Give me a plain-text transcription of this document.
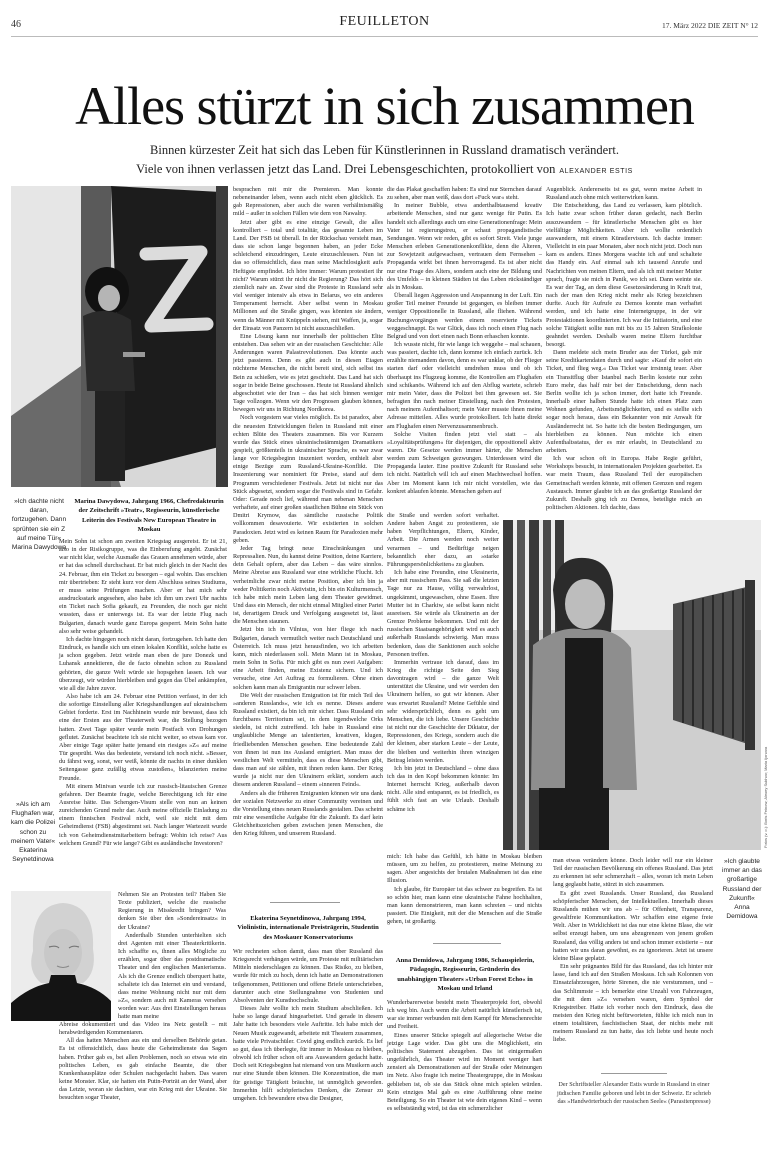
46	FEUILLETON	17. März 2022 DIE ZEIT N° 12
Alles stürzt in sich zusammen
Binnen kürzester Zeit hat sich das Leben für Künstlerinnen in Russland dramatisch verändert.
Viele von ihnen verlassen jetzt das Land. Drei Lebensgeschichten, protokolliert von ALEXANDER ESTIS
»Ich dachte nicht daran, fortzugehen. Dann sprühten sie ein Z auf meine Tür«
Marina Dawydowa
Marina Dawydowa, Jahrgang 1966, Chefredakteurin der Zeitschrift »Teatr«, Regisseurin, künstlerische Leiterin des Festivals New European Theatre in Moskau

Mein Sohn ist schon am zweiten Kriegstag ausgereist. Er ist 21, also in der Risikogruppe, was die Einberufung angeht. Zunächst war nicht klar, welche Ausmaße das Grauen annehmen würde, aber er hat das schnell durchschaut. Er bat mich gleich in der Nacht des 24. Februar, ihm ein Ticket zu besorgen – egal wohin. Das erschien mir übertrieben: Er steht kurz vor dem Abschluss seines Studiums, er muss seine Prüfungen machen. Aber er hat mich sehr ausdrucksstark angesehen, also habe ich ihm um zwei Uhr nachts ein Ticket nach Sofia gekauft, zu Freunden, die noch gar nicht wussten, dass er unterwegs ist. Es war der letzte Flug nach Bulgarien, danach wurde ganz Europa gesperrt. Mein Sohn hatte also sehr weise gehandelt.

Ich dachte hingegen noch nicht daran, fortzugehen. Ich hatte den Eindruck, es handle sich um einen lokalen Konflikt, solche hatte es ja schon gegeben. Jetzt würde man eben de jure Donezk und Luhansk annektieren, die de facto ohnehin schon zu Russland gehörten, die ganze Welt würde sie hopsgehen lassen. Ich war überzeugt, wir würden hierbleiben und gegen das Übel ankämpfen, wie all die Jahre zuvor.

Also habe ich am 24. Februar eine Petition verfasst, in der ich die sofortige Einstellung aller Kriegshandlungen auf ukrainischem Gebiet forderte. Erst im Nachhinein wurde mir bewusst, dass ich eine der Ersten aus der Theaterwelt war, die Stellung bezogen hatten. Zwei Tage später wurde mein Postfach von Drohungen geflutet. Zunächst beachtete ich sie nicht weiter, so etwas kam vor. Aber einige Tage später hatte jemand ein riesiges »Z« auf meine Tür gesprüht. Was das bedeutete, verstand ich noch nicht. »Besser, du fährst weg, sonst, wer weiß, könnte dir nachts in einer dunklen Seitengasse ganz zufällig etwas zustoßen«, bilanzierten meine Freunde.

Mit einem Minivan wurde ich zur russisch-litauischen Grenze gefahren. Der Beamte fragte, welche Berechtigung ich für eine Ausreise hätte. Das Schengen-Visum stelle von nun an keinen zureichenden Grund mehr dar. Auch meine offizielle Einladung zu einem finnischen Festival nicht, weil sie nicht mit dem Geheimdienst (FSB) abgestimmt sei. Nach langer Wartezeit wurde ich von Geheimdienstmitarbeitern befragt: Wohin ich reise? Aus welchem Grund? Für wie lange? Gibt es ausländische Investoren?

»Als ich am Flughafen war, kam die Polizei schon zu meinem Vater«
Ekaterina Seynetdinowa

Nehmen Sie an Protesten teil? Haben Sie Texte publiziert, welche die russische Regierung in Misskredit bringen? Was denken Sie über den »Sondereinsatz« in der Ukraine?

Anderthalb Stunden unterhielten sich drei Agenten mit einer Theaterkritikerin. Ich schaffte es, ihnen alles Mögliche zu erzählen, sogar über das postdramatische Theater und den englischen Manierismus. Als ich die Grenze endlich überquert hatte, schaltete ich das Internet ein und verstand, dass meine Wohnung nicht nur mit dem »Z«, sondern auch mit Kameras versehen worden war: Aus drei Einstellungen heraus hatte man meine

Abreise dokumentiert und das Video ins Netz gestellt – mit herabwürdigenden Kommentaren.

All das hatten Menschen aus ein und derselben Behörde getan. Es ist offensichtlich, dass heute die Geheimdienste das Sagen haben. Früher gab es, bei allen Problemen, noch so etwas wie ein politisches Leben, es gab einfache Beamte, die über Krankenhausplätze oder Schulen nachgedacht haben. Das waren keine Monster. Klar, sie hatten ein Putin-Porträt an der Wand, aber das Letzte, woran sie dachten, war ein Krieg mit der Ukraine. Sie besuchten sogar Theater,

besprachen mit mir die Premieren. Man konnte nebeneinander leben, wenn auch nicht eben glücklich. Es gab Repressionen, aber auch die waren verhältnismäßig mild – außer in solchen Fällen wie dem von Nawalny.

Jetzt aber gibt es eine einzige Gewalt, die alles kontrolliert – total und totalitär, das gesamte Leben im Land. Der FSB ist überall. In der Rückschau versteht man, dass sie schon lange begonnen haben, an jeder Ecke schleichend einzudringen, Leute einzuschleusen. Nun ist das so offensichtlich, dass man seine Machtlosigkeit aufs Heftigste empfindet. Ich höre immer: Warum protestiert ihr nicht? Warum stürzt ihr nicht die Regierung? Das hört sich ziemlich naiv an. Zwar sind die Proteste in Russland sehr viel weniger intensiv als etwa in Belarus, wo ein anderes Temperament herrscht. Aber selbst wenn in Moskau Millionen auf die Straße gingen, was könnten sie ändern, wenn da Männer mit Knüppeln stehen, mit Waffen, ja, sogar der Einsatz von Panzern ist nicht auszuschließen.

Eine Lösung kann nur innerhalb der politischen Elite entstehen. Das sehen wir an der russischen Geschichte: Alle Änderungen waren Palastrevolutionen. Das könnte auch jetzt passieren. Denn es gibt auch in diesen Etagen nüchterne Menschen, die nicht bereit sind, sich selbst ins Bein zu schießen, wie es jetzt geschieht. Das Land hat sich sogar in beide Beine geschossen. Heute ist Russland ähnlich abgeschottet wie der Iran – das hat sich binnen weniger Tage vollzogen. Wenn wir den Prognosen glauben können, bewegen wir uns in Richtung Nordkorea.

Noch vorgestern war vieles möglich. Es ist paradox, aber die neuesten Entwicklungen fielen in Russland mit einer echten Blüte des Theaters zusammen. Bis vor Kurzem wurde das Stück eines ukrainischstämmigen Dramatikers gespielt, größtenteils in ukrainischer Sprache, es war zwar lange vor Kriegsbeginn inszeniert worden, enthielt aber einige Bezüge zum Russland-Ukraine-Konflikt. Die Inszenierung war nominiert für Preise, stand auf dem Programm verschiedener Festivals. Jetzt ist nicht nur das Stück abgesetzt, sondern sogar die Festivals sind in Gefahr. Oder: Gerade noch lief, während man nebenan Menschen verhaftete, auf einer großen staatlichen Bühne ein Stück von Dmitri Krymow, das sämtliche russische Politik vollkommen desavouierte. Wir existierten in solchen Paradoxien. Jetzt wird es keinen Raum für Paradoxien mehr geben.

Jeder Tag bringt neue Einschränkungen und Repressalien. Nun, du kannst deine Position, deine Karriere, dein Gehalt opfern, aber das Leben – das wäre sinnlos. Meine Abreise aus Russland war eine wirkliche Flucht. Ich verheimliche zwar nicht meine Position, aber ich bin ja weder Politikerin noch Aktivistin, ich bin ein Kulturmensch, ich habe mich mein Leben lang dem Theater gewidmet. Und dass ein Mensch, der nicht einmal Mitglied einer Partei ist, derartigem Druck und Verfolgung ausgesetzt ist, lässt die Menschen staunen.

Jetzt bin ich in Vilnius, von hier fliege ich nach Bulgarien, danach vermutlich weiter nach Deutschland und Österreich. Ich muss jetzt herausfinden, wo ich arbeiten kann, mich niederlassen soll. Mein Mann ist in Moskau, mein Sohn in Sofia. Für mich gibt es nun zwei Aufgaben: eine Arbeit finden, meine Existenz sichern. Und ich versuche, eine Art Auftrag zu formulieren. Ohne einen solchen kann man als Emigrantin nur schwer leben.

Die Welt der russischen Emigration ist für mich Teil des »anderen Russlands«, wie ich es nenne. Dieses andere Russland existiert, da bin ich mir sicher. Dass Russland ein furchtbares Territorium sei, in dem irgendwelche Orks siedeln, ist nicht zutreffend. Ich habe in Russland eine unglaubliche Menge an talentierten, kreativen, klugen, friedliebenden Menschen gesehen. Eine bedeutende Zahl von ihnen ist nun ins Ausland emigriert. Man muss der westlichen Welt vermitteln, dass es diese Menschen gibt, dass man auf sie zählen, mit ihnen reden kann. Der Krieg wurde ja nicht nur den Ukrainern erklärt, sondern auch diesem anderen Russland – einem »inneren Feind«.

Anders als die früheren Emigranten können wir uns dank der sozialen Netzwerke zu einer Community vereinen und die Vorstellung eines neuen Russlands gestalten. Das scheint mir eine wesentliche Aufgabe für die Zukunft. Es darf kein Gleichheitszeichen geben zwischen jenen Menschen, die den Krieg führen, und unserem Russland.

Ekaterina Seynetdinowa, Jahrgang 1994, Violinistin, internationale Preisträgerin, Studentin des Moskauer Konservatoriums

Wir rechneten schon damit, dass man über Russland das Kriegsrecht verhängen würde, um Proteste mit militärischen Mitteln niederschlagen zu können. Das Risiko, zu bleiben, wurde für mich zu hoch, denn ich hatte an Demonstrationen teilgenommen, Petitionen und offene Briefe unterschrieben, darunter auch eine Stellungnahme von Studenten und Absolventen der Kunsthochschule.

Dieses Jahr wollte ich mein Studium abschließen. Ich habe so lange darauf hingearbeitet. Und gerade in diesem Jahr hatte ich besonders viele Auftritte. Ich habe mich der Neuen Musik zugewandt, arbeitete mit Theatern zusammen, hatte viele Privatschüler. Covid ging endlich zurück. Es lief so gut, dass ich überlegte, für immer in Moskau zu bleiben, obwohl ich früher schon oft ans Auswandern gedacht hatte. Doch seit Kriegsbeginn hat niemand von uns Musikern auch nur eine Stunde üben können. Die Konzentration, die man für geistige Tätigkeit bräuchte, ist unmöglich geworden. Immerhin hilft schöpferisches Denken, die Zensur zu umgehen. Ich bewundere etwa die Designer,

die das Plakat geschaffen haben: Es sind nur Sternchen darauf zu sehen, aber man weiß, dass dort »Fuck war« steht.

In meiner Bubble, etwa anderthalbtausend kreativ arbeitende Menschen, sind nur ganz wenige für Putin. Es handelt sich allerdings auch um eine Generationenfrage: Mein Vater ist regierungstreu, er schaut propagandistische Sendungen. Wenn wir reden, gibt es sofort Streit. Viele junge Menschen erleben Generationenkonflikte, denn die Älteren, zur Sowjetzeit aufgewachsen, vertrauen dem Fernsehen – Propaganda wirkt bei ihnen hervorragend. Es ist aber nicht nur eine Frage des Alters, sondern auch eine der Bildung und des Umfelds – in kleinen Städten ist das Leben rückständiger als in Moskau.

Überall liegen Aggression und Anspannung in der Luft. Ein großer Teil meiner Freunde ist gegangen, es bleiben immer weniger Oppositionelle in Russland, alle fliehen. Während Buchungsvorgängen werden einem reservierte Tickets weggeschnappt. Es war Glück, dass ich noch einen Flug nach Belgrad und von dort einen nach Bonn erhaschen konnte.

Ich wusste nicht, für wie lange ich weggehe – mal schauen, was passiert, dachte ich, dann komme ich einfach zurück. Ich erzählte niemandem davon, denn es war unklar, ob der Flieger starten darf oder vielleicht umdrehen muss und ob ich überhaupt ins Flugzeug komme, die Kontrollen am Flughafen sind schikanös. Während ich auf den Abflug wartete, schrieb mir mein Vater, dass die Polizei bei ihm gewesen sei. Sie befragten ihn nach meiner Einstellung, nach den Protesten, nach meinem Aufenthaltsort; mein Vater musste ihnen meine Adresse mitteilen. Alles wurde protokolliert. Ich hatte direkt am Flughafen einen Nervenzusammenbruch.

Solche Visiten finden jetzt viel statt – als »Loyalitätsprüfungen« für diejenigen, die oppositionell aktiv waren. Die Gesetze werden immer härter, die Menschen werden zum Schweigen gezwungen. Unterdessen wird die Propaganda lauter. Eine positive Zukunft für Russland sehe ich nicht. Natürlich will ich auf einen Machtwechsel hoffen. Aber im Moment kann ich mir nicht vorstellen, wie das konkret ablaufen könnte. Menschen gehen auf

die Straße und werden sofort verhaftet. Andere haben Angst zu protestieren, sie haben Verpflichtungen, Eltern, Kinder, Arbeit. Die Armen werden noch weiter verarmen – und Bedürftige neigen bekanntlich eher dazu, an »starke Führungspersönlichkeiten« zu glauben.

Ich habe eine Freundin, eine Ukrainerin, aber mit russischem Pass. Sie saß die letzten Tage nur zu Hause, völlig verwahrlost, ungekämmt, ungewaschen, ohne Essen. Ihre Mutter ist in Charkiw, sie selbst kann nicht ausreisen. Sie würde als Ukrainerin an der Grenze Probleme bekommen. Und mit der russischen Staatsangehörigkeit wird es auch außerhalb Russlands schwierig. Man muss bedenken, dass die Sanktionen auch solche Personen treffen.

Immerhin vertraue ich darauf, dass im Krieg die richtige Seite den Sieg davontragen wird – die ganze Welt unterstützt die Ukraine, und wir werden den Ukrainern helfen, so gut wir können. Aber was erwartet Russland? Meine Gefühle sind sehr widersprüchlich, denn es geht um Menschen, die ich liebe. Unsere Geschichte ist nicht nur die Geschichte der Diktatur, der Repressionen, des Kriegs, sondern auch die der kleinen, aber starken Leute – der Leute, die bleiben und weiterhin ihren winzigen Beitrag leisten werden.

Ich bin jetzt in Deutschland – ohne dass ich das in den Kopf bekommen könnte: Im Internet herrscht Krieg, außerhalb davon nicht. Alle sind entspannt, es ist friedlich, es fühlt sich fast an wie Urlaub. Deshalb schäme ich

mich: Ich habe das Gefühl, ich hätte in Moskau bleiben müssen, um zu helfen, zu protestieren, meine Meinung zu sagen. Aber angesichts der brutalen Maßnahmen ist das eine Illusion.

Ich glaube, für Europäer ist das schwer zu begreifen. Es ist so schön hier, man kann eine ukrainische Fahne hochhalten, man kann demonstrieren, man kann schreien – und nichts passiert. Die Einigkeit, mit der die Menschen auf die Straße gehen, ist großartig.

Anna Demidowa, Jahrgang 1986, Schauspielerin, Pädagogin, Regisseurin, Gründerin des unabhängigen Theaters »Urban Forest Echo« in Moskau und Irland

Wunderbarerweise besteht mein Theaterprojekt fort, obwohl ich weg bin. Auch wenn die Arbeit natürlich künstlerisch ist, war sie immer verbunden mit dem Kampf für Menschenrechte und Freiheit.

Eines unserer Stücke spiegelt auf allegorische Weise die jetzige Lage wider. Das gibt uns die Möglichkeit, ein politisches Statement abzugeben. Das ist einigermaßen ungefährlich, das Theater wird im Moment weniger hart zensiert als Demonstrationen auf der Straße oder Meinungen im Netz. Also fragte ich meine Theatergruppe, die in Moskau geblieben ist, ob sie das Stück ohne mich spielen würden. Kein einziges Mal gab es eine Aufführung ohne meine Beteiligung. So ein Theater ist wie dein eigenes Kind – wenn es selbstständig wird, ist das ein schmerzlicher

Augenblick. Andererseits ist es gut, wenn meine Arbeit in Russland auch ohne mich weiterwirken kann.

Die Entscheidung, das Land zu verlassen, kam plötzlich. Ich hatte zwar schon früher daran gedacht, nach Berlin auszuwandern – für künstlerische Menschen gibt es hier vielfältige Möglichkeiten. Aber ich wollte ordentlich auswandern, mit einem Künstlervisum. Ich dachte immer: Vielleicht in ein paar Monaten, aber noch nicht jetzt. Doch nun kam es anders. Eines Morgens wachte ich auf und schaltete das Handy ein. Auf einmal sah ich tausend Anrufe und Nachrichten von meinen Eltern, und als ich mit meiner Mutter sprach, fragte sie mich in Panik, wo ich sei. Dann weinte sie. Es war der Tag, an dem diese Gesetzesänderung in Kraft trat, nach der man den Krieg nicht mehr als Krieg bezeichnen durfte. Auch für Aufrufe zu Demos konnte man verhaftet werden, und ich hatte eine Internetgruppe, in der wir Protestaktionen koordinierten. Ich war die Initiatorin, und eine solche Tätigkeit sollte nun mit bis zu 15 Jahren Strafkolonie geahndet werden. Deshalb waren meine Eltern furchtbar besorgt.

Dann meldete sich mein Bruder aus der Türkei, gab mir seine Kreditkartendaten durch und sagte: »Kauf dir sofort ein Ticket, und flieg weg.« Das Ticket war irrsinnig teuer. Aber ein Transitflug über Istanbul nach Berlin kostete nur zehn Euro mehr, das half mir bei der Entscheidung, denn nach Berlin wollte ich ja schon immer, dort hatte ich Freunde. Innerhalb einer halben Stunde hatte ich einen Platz zum Wohnen gefunden, Arbeitsmöglichkeiten, und es stellte sich sogar noch heraus, dass ein Bekannter von mir Anwalt für Ausländerrecht ist. So hatte ich die besten Bedingungen, um hierbleiben zu können. Nun möchte ich einen Aufenthaltsstatus, der es mir erlaubt, in Deutschland zu arbeiten.

Ich war schon oft in Europa. Habe Regie geführt, Workshops besucht, in internationalen Projekten gearbeitet. Es war mein Traum, dass Russland Teil der europäischen Gemeinschaft werden könnte, mit offenen Grenzen und regem Austausch. Immer glaubte ich an das großartige Russland der Zukunft. Deshalb ging ich zu Demos, beteiligte mich an politischen Aktionen. Ich dachte, dass

Fotos (v. o.): Boris Feinow; Alexey Sukhov; Maria Ijonova

man etwas verändern könne. Doch leider will nur ein kleiner Teil der russischen Bevölkerung ein offenes Russland. Das jetzt zu erkennen ist sehr schmerzhaft – alles, woran ich mein Leben lang geglaubt hatte, stürzt in sich zusammen.

Es gibt zwei Russlands. Unser Russland, das Russland schöpferischer Menschen, der Intellektuellen. Innerhalb dieses Russlands mühen wir uns ab – für Offenheit, Transparenz, gewaltfreie Kommunikation. Wir schaffen eine eigene freie Welt. Aber in Wirklichkeit ist das nur eine kleine Blase, die wir selbst erzeugt haben, um uns abzugrenzen von jenem großen Russland, das völlig anders ist und schon immer existierte – nur hatten wir uns daran gewöhnt, es zu ignorieren. Jetzt ist unsere kleine Blase geplatzt.

Ein sehr prägnantes Bild für das Russland, das ich hinter mir lasse, fand ich auf den Straßen Moskaus. Ich sah Kolonnen von Einsatzfahrzeugen, hörte Sirenen, die nie verstummen, und – das Schlimmste – ich bemerkte eine Unzahl von Fahrzeugen, die mit dem »Z« versehen waren, dem Symbol der Kriegstreiber. Hatte ich vorher noch den Eindruck, dass die meisten den Krieg nicht befürworteten, fühlte ich mich nun in einem totalitären, faschistischen Staat, der nichts mehr mit meinem Russland zu tun hatte, das ich liebte und heute noch liebe.

»Ich glaubte immer an das großartige Russland der Zukunft«
Anna Demidowa
Der Schriftsteller Alexander Estis wurde in Russland in einer jüdischen Familie geboren und lebt in der Schweiz. Er schrieb das »Handwörterbuch der russischen Seele« (Parasitenpresse)
